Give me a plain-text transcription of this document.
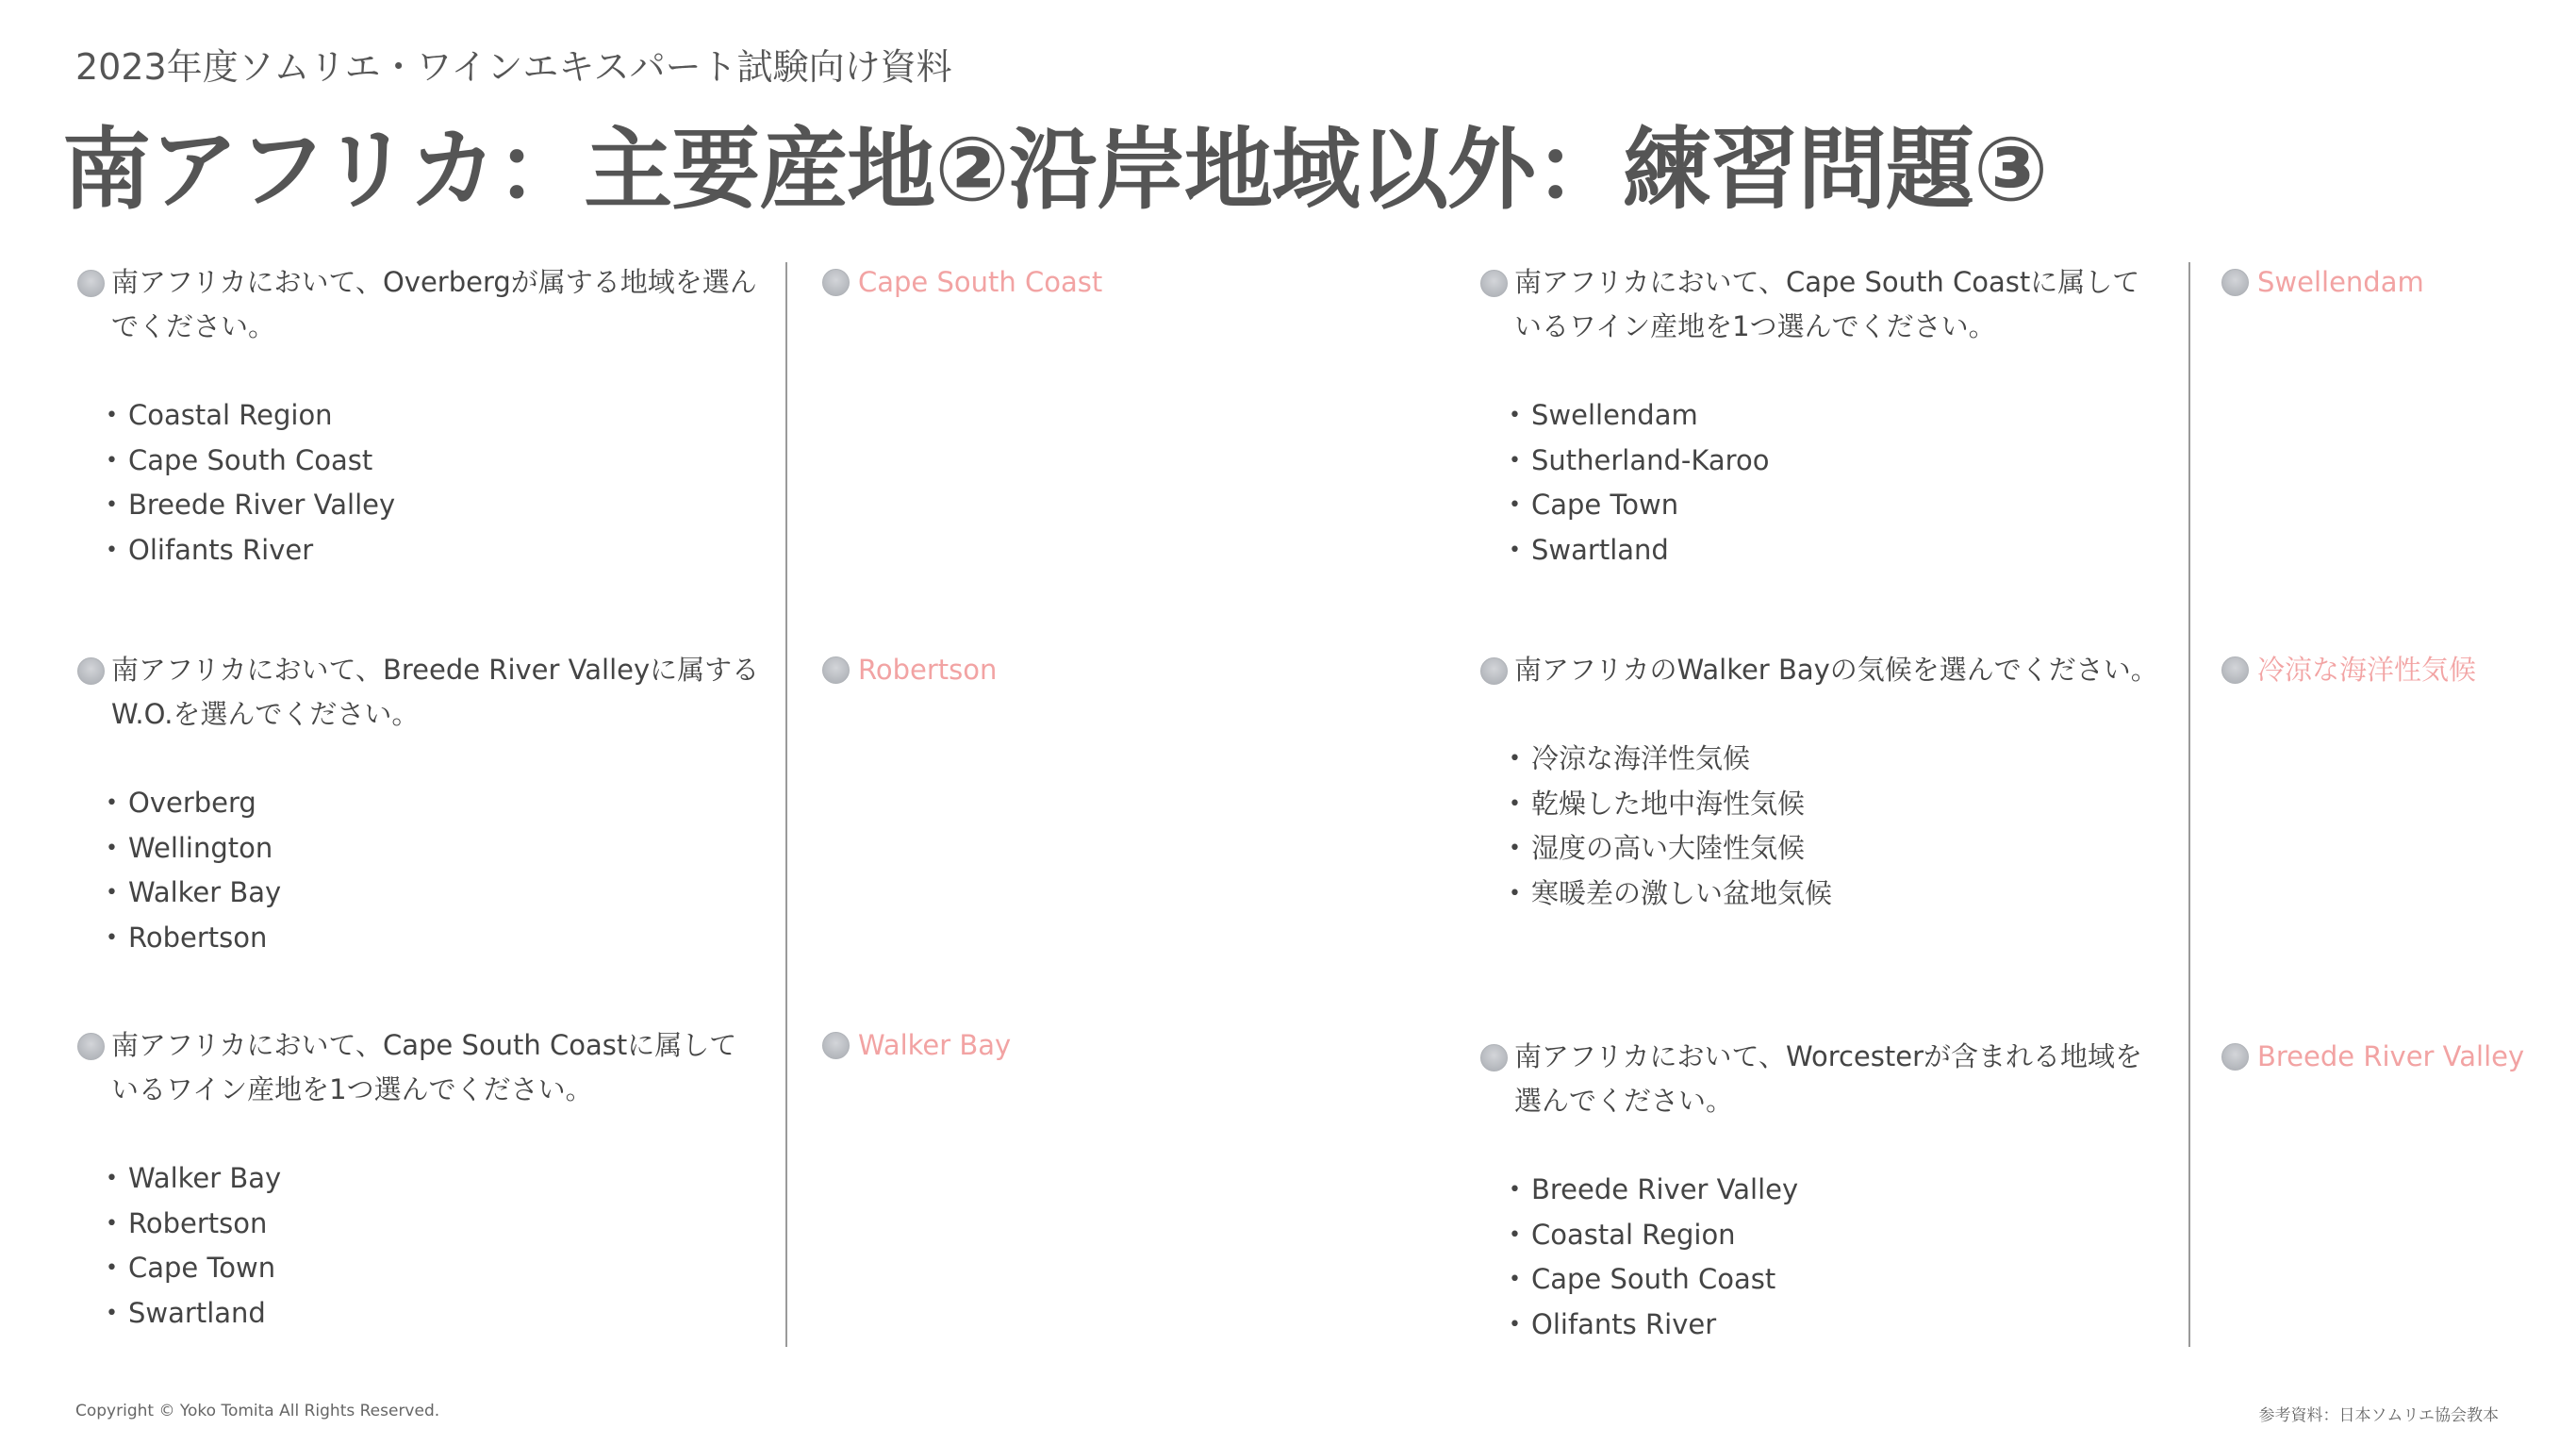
2023年度ソムリエ・ワインエキスパート試験向け資料
南アフリカ：主要産地②沿岸地域以外：練習問題③
南アフリカにおいて、Overbergが属する地域を選んでください。
• Coastal Region
• Cape South Coast
• Breede River Valley
• Olifants River
Cape South Coast
南アフリカにおいて、Breede River Valleyに属するW.O.を選んでください。
• Overberg
• Wellington
• Walker Bay
• Robertson
Robertson
南アフリカにおいて、Cape South Coastに属しているワイン産地を1つ選んでください。
• Walker Bay
• Robertson
• Cape Town
• Swartland
Walker Bay
南アフリカにおいて、Cape South Coastに属しているワイン産地を1つ選んでください。
• Swellendam
• Sutherland-Karoo
• Cape Town
• Swartland
Swellendam
南アフリカのWalker Bayの気候を選んでください。
• 冷涼な海洋性気候
• 乾燥した地中海性気候
• 湿度の高い大陸性気候
• 寒暖差の激しい盆地気候
冷涼な海洋性気候
南アフリカにおいて、Worcesterが含まれる地域を選んでください。
• Breede River Valley
• Coastal Region
• Cape South Coast
• Olifants River
Breede River Valley
Copyright © Yoko Tomita All Rights Reserved.	参考資料：日本ソムリエ協会教本
